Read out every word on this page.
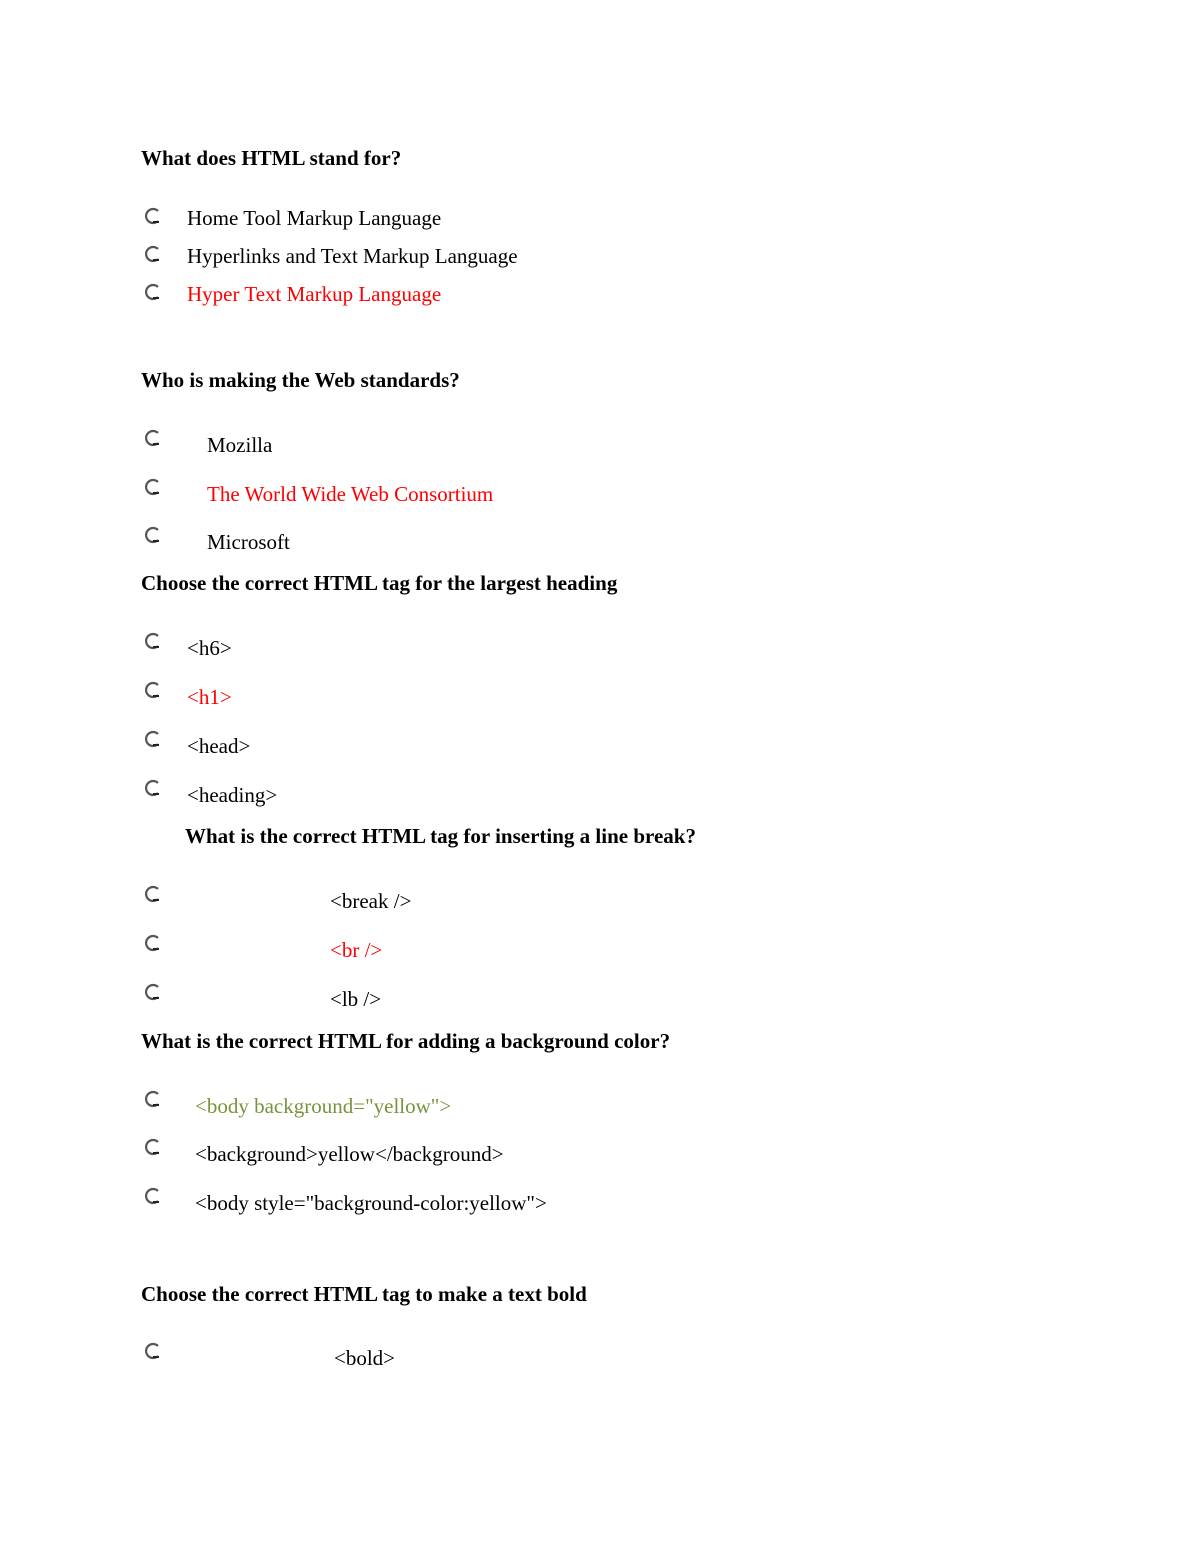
What does HTML stand for?

Home Tool Markup Language

Hyperlinks and Text Markup Language

Hyper Text Markup Language

Who is making the Web standards?

Mozilla

The World Wide Web Consortium

Microsoft

Choose the correct HTML tag for the largest heading

<h6>

<h1>

<head>

<heading>

What is the correct HTML tag for inserting a line break?

<break />

<br />

<lb />

What is the correct HTML for adding a background color?

<body background="yellow">

<background>yellow</background>

<body style="background-color:yellow">

Choose the correct HTML tag to make a text bold

<bold>
